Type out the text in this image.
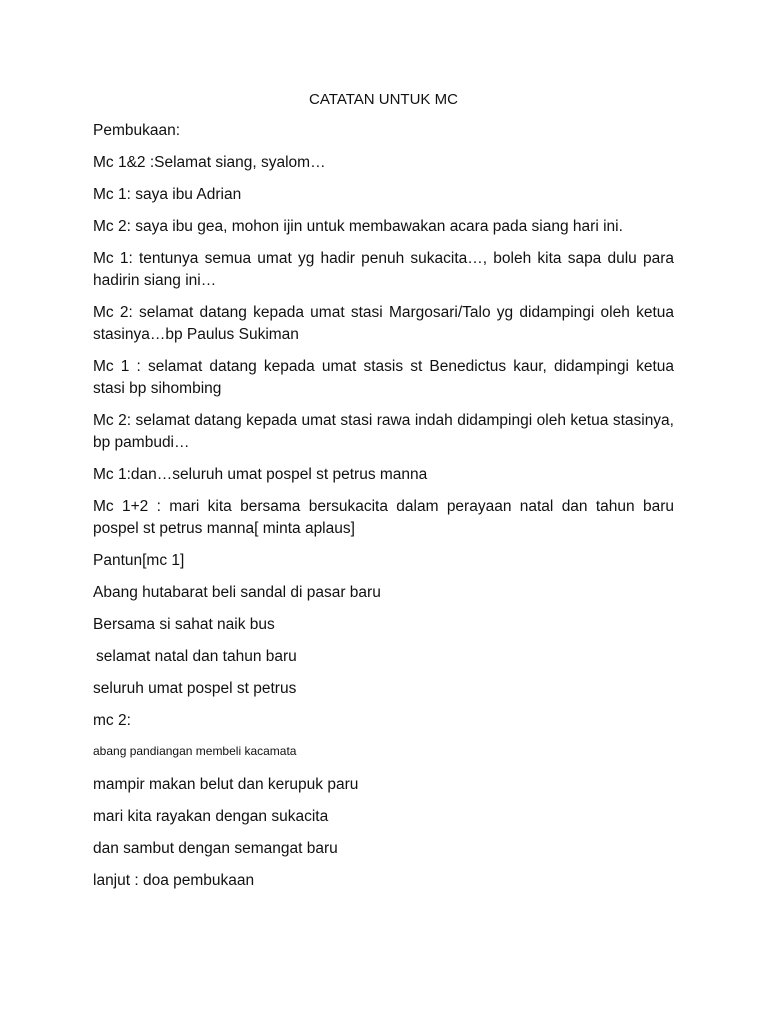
CATATAN UNTUK MC
Pembukaan:
Mc 1&2 :Selamat siang, syalom…
Mc 1: saya ibu Adrian
Mc 2: saya ibu gea, mohon ijin untuk membawakan acara pada siang hari ini.
Mc 1: tentunya semua umat yg hadir penuh sukacita…, boleh kita sapa dulu para hadirin siang ini…
Mc 2: selamat datang kepada umat stasi Margosari/Talo yg didampingi oleh ketua stasinya…bp Paulus Sukiman
Mc 1 : selamat datang kepada umat stasis st Benedictus kaur, didampingi ketua stasi bp sihombing
Mc 2: selamat datang kepada umat stasi rawa indah didampingi oleh ketua stasinya, bp pambudi…
Mc 1:dan…seluruh umat pospel st petrus manna
Mc 1+2 : mari kita bersama bersukacita dalam perayaan natal dan tahun baru pospel st petrus manna[ minta aplaus]
Pantun[mc 1]
Abang hutabarat beli sandal di pasar baru
Bersama si sahat naik bus
selamat natal dan tahun baru
seluruh umat pospel st petrus
mc 2:
abang pandiangan membeli kacamata
mampir makan belut dan kerupuk paru
mari kita rayakan dengan sukacita
dan sambut dengan semangat baru
lanjut : doa pembukaan
